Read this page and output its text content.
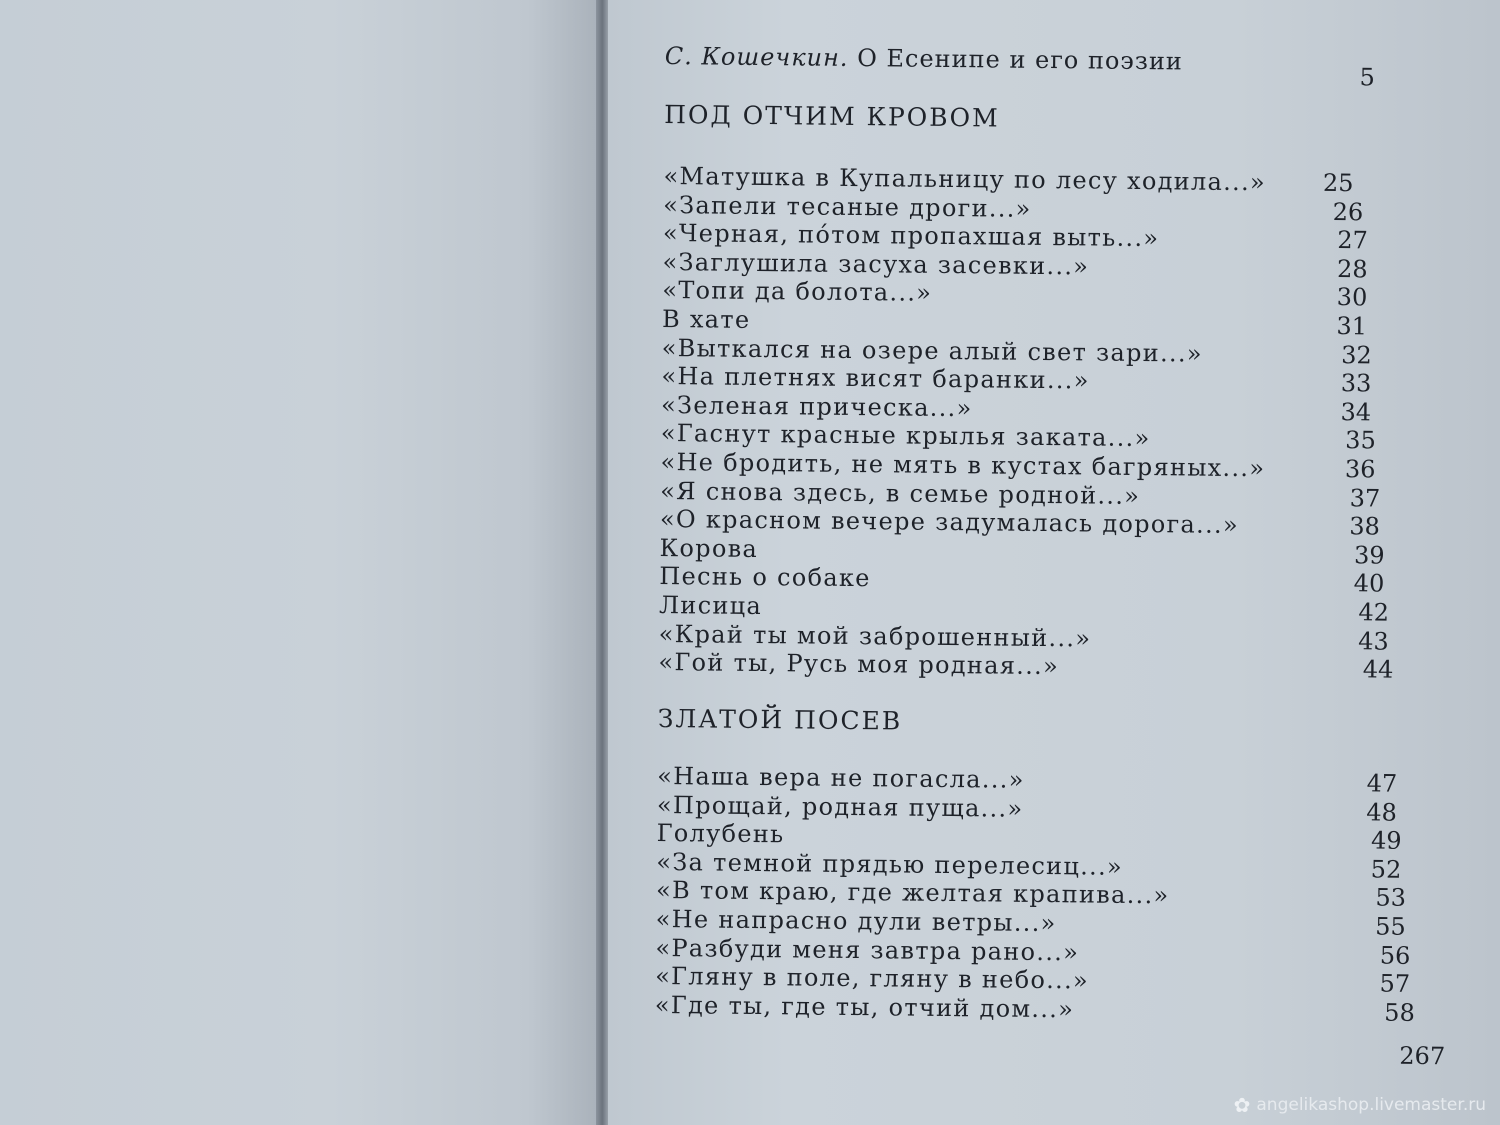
С. Кошечкин. О Есенипе и его поэзии
5
ПОД ОТЧИМ КРОВОМ
«Матушка в Купальницу по лесу ходила...»	25
«Запели тесаные дроги...»	26
«Черная, по́том пропахшая выть...»	27
«Заглушила засуха засевки...»	28
«Топи да болота...»	30
В хате	31
«Выткался на озере алый свет зари...»	32
«На плетнях висят баранки...»	33
«Зеленая прическа...»	34
«Гаснут красные крылья заката...»	35
«Не бродить, не мять в кустах багряных...»	36
«Я снова здесь, в семье родной...»	37
«О красном вечере задумалась дорога...»	38
Корова	39
Песнь о собаке	40
Лисица	42
«Край ты мой заброшенный...»	43
«Гой ты, Русь моя родная...»	44
ЗЛАТОЙ ПОСЕВ
«Наша вера не погасла...»	47
«Прощай, родная пуща...»	48
Голубень	49
«За темной прядью перелесиц...»	52
«В том краю, где желтая крапива...»	53
«Не напрасно дули ветры...»	55
«Разбуди меня завтра рано...»	56
«Гляну в поле, гляну в небо...»	57
«Где ты, где ты, отчий дом...»	58
267
✿ angelikashop.livemaster.ru
